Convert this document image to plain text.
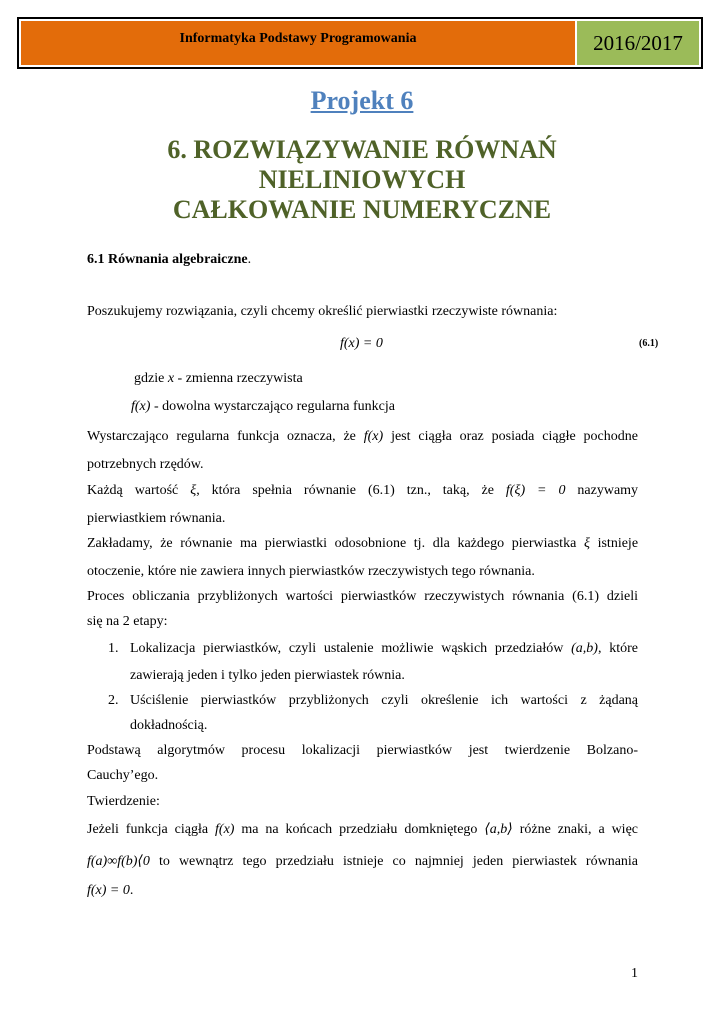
Informatyka Podstawy Programowania	2016/2017
Projekt 6
6. ROZWIĄZYWANIE RÓWNAŃ
NIELINIOWYCH
CAŁKOWANIE NUMERYCZNE
6.1 Równania algebraiczne.
Poszukujemy rozwiązania, czyli chcemy określić pierwiastki rzeczywiste równania:
f(x) = 0	(6.1)
gdzie x - zmienna rzeczywista
f(x) - dowolna wystarczająco regularna funkcja
Wystarczająco regularna funkcja oznacza, że f(x) jest ciągła oraz posiada ciągłe pochodne
potrzebnych rzędów.
Każdą wartość ξ, która spełnia równanie (6.1) tzn., taką, że f(ξ) = 0 nazywamy
pierwiastkiem równania.
Zakładamy, że równanie ma pierwiastki odosobnione tj. dla każdego pierwiastka ξ istnieje
otoczenie, które nie zawiera innych pierwiastków rzeczywistych tego równania.
Proces obliczania przybliżonych wartości pierwiastków rzeczywistych równania (6.1) dzieli
się na 2 etapy:
1. Lokalizacja pierwiastków, czyli ustalenie możliwie wąskich przedziałów (a,b), które
zawierają jeden i tylko jeden pierwiastek równia.
2. Uściślenie pierwiastków przybliżonych czyli określenie ich wartości z żądaną
dokładnością.
Podstawą algorytmów procesu lokalizacji pierwiastków jest twierdzenie Bolzano-
Cauchy’ego.
Twierdzenie:
Jeżeli funkcja ciągła f(x) ma na końcach przedziału domkniętego ⟨a,b⟩ różne znaki, a więc
f(a)∞f(b)⟨0 to wewnątrz tego przedziału istnieje co najmniej jeden pierwiastek równania
f(x) = 0.
1
